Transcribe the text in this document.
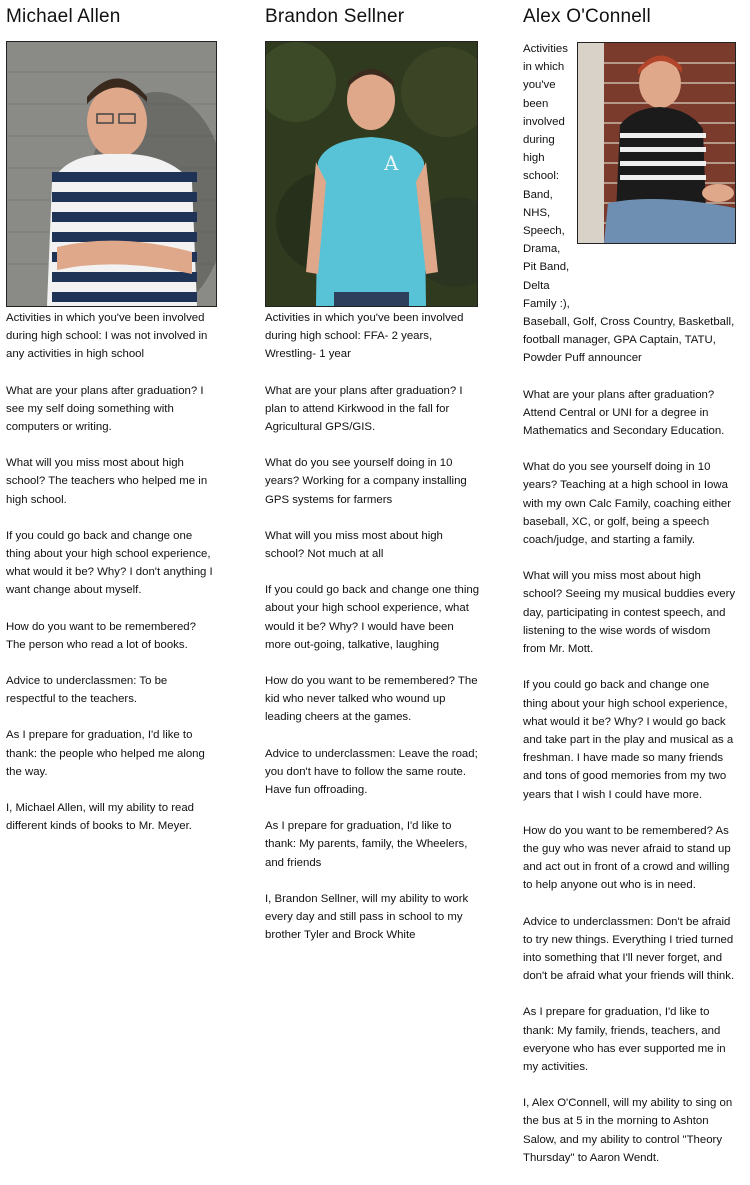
Michael Allen

Activities in which you've been involved during high school: I was not involved in any activities in high school

What are your plans after graduation? I see my self doing something with computers or writing.

What will you miss most about high school? The teachers who helped me in high school.

If you could go back and change one thing about your high school experience, what would it be? Why? I don't anything I want change about myself.

How do you want to be remembered? The person who read a lot of books.

Advice to underclassmen: To be respectful to the teachers.

As I prepare for graduation, I'd like to thank: the people who helped me along the way.

I, Michael Allen, will my ability to read different kinds of books to Mr. Meyer.

Brandon Sellner
A

Activities in which you've been involved during high school: FFA- 2 years, Wrestling- 1 year

What are your plans after graduation? I plan to attend Kirkwood in the fall for Agricultural GPS/GIS.

What do you see yourself doing in 10 years? Working for a company installing GPS systems for farmers

What will you miss most about high school? Not much at all

If you could go back and change one thing about your high school experience, what would it be? Why? I would have been more out-going, talkative, laughing

How do you want to be remembered? The kid who never talked who wound up leading cheers at the games.

Advice to underclassmen: Leave the road; you don't have to follow the same route. Have fun offroading.

As I prepare for graduation, I'd like to thank: My parents, family, the Wheelers, and friends

I, Brandon Sellner, will my ability to work every day and still pass in school to my brother Tyler and Brock White

Alex O'Connell

Activities in which you've been involved during high school: Band, NHS, Speech, Drama, Pit Band, Delta Family :),

Baseball, Golf, Cross Country, Basketball, football manager, GPA Captain, TATU, Powder Puff announcer

What are your plans after graduation? Attend Central or UNI for a degree in Mathematics and Secondary Education.

What do you see yourself doing in 10 years? Teaching at a high school in Iowa with my own Calc Family, coaching either baseball, XC, or golf, being a speech coach/judge, and starting a family.

What will you miss most about high school? Seeing my musical buddies every day, participating in contest speech, and listening to the wise words of wisdom from Mr. Mott.

If you could go back and change one thing about your high school experience, what would it be? Why? I would go back and take part in the play and musical as a freshman. I have made so many friends and tons of good memories from my two years that I wish I could have more.

How do you want to be remembered? As the guy who was never afraid to stand up and act out in front of a crowd and willing to help anyone out who is in need.

Advice to underclassmen: Don't be afraid to try new things. Everything I tried turned into something that I'll never forget, and don't be afraid what your friends will think.

As I prepare for graduation, I'd like to thank: My family, friends, teachers, and everyone who has ever supported me in my activities.

I, Alex O'Connell, will my ability to sing on the bus at 5 in the morning to Ashton Salow, and my ability to control "Theory Thursday" to Aaron Wendt.
